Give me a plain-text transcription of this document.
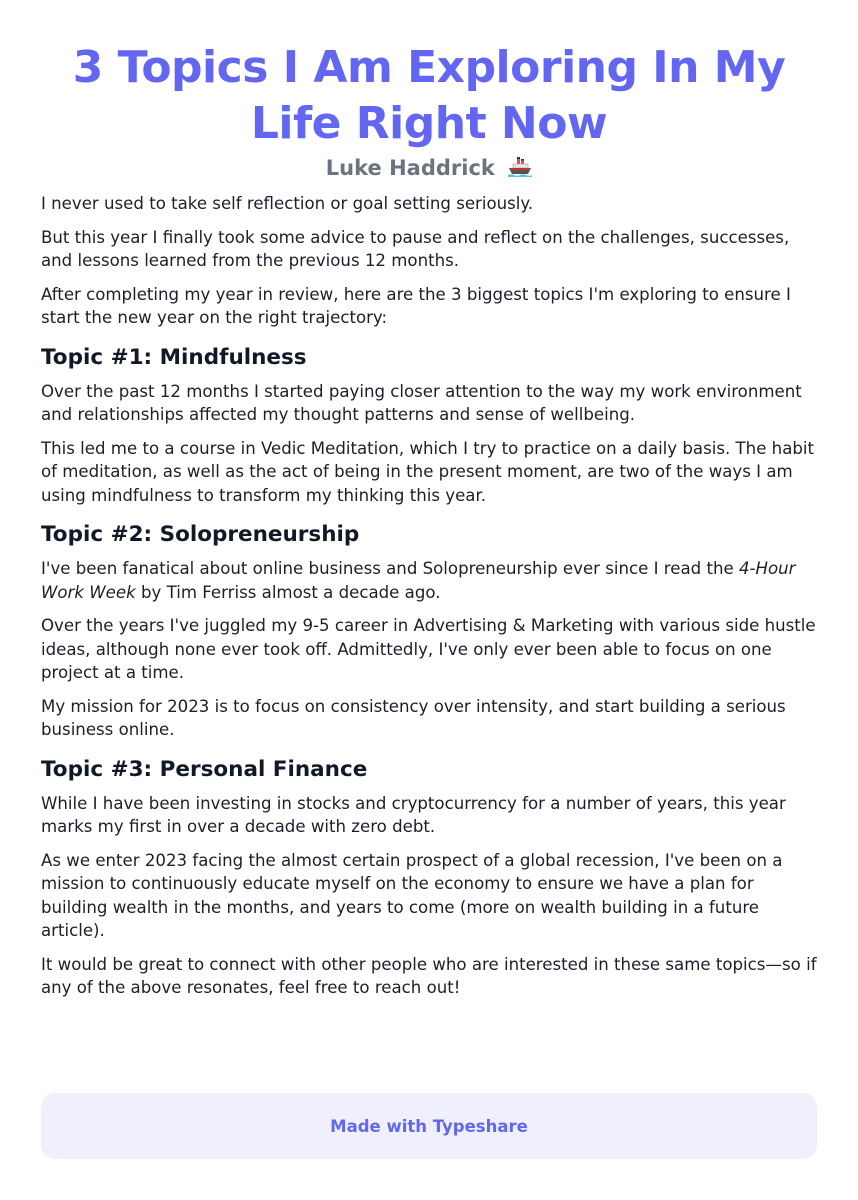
3 Topics I Am Exploring In My Life Right Now
Luke Haddrick

I never used to take self reflection or goal setting seriously.

But this year I finally took some advice to pause and reflect on the challenges, successes, and lessons learned from the previous 12 months.

After completing my year in review, here are the 3 biggest topics I'm exploring to ensure I start the new year on the right trajectory:

Topic #1: Mindfulness

Over the past 12 months I started paying closer attention to the way my work environment and relationships affected my thought patterns and sense of wellbeing.

This led me to a course in Vedic Meditation, which I try to practice on a daily basis. The habit of meditation, as well as the act of being in the present moment, are two of the ways I am using mindfulness to transform my thinking this year.

Topic #2: Solopreneurship

I've been fanatical about online business and Solopreneurship ever since I read the 4-Hour Work Week by Tim Ferriss almost a decade ago.

Over the years I've juggled my 9-5 career in Advertising & Marketing with various side hustle ideas, although none ever took off. Admittedly, I've only ever been able to focus on one project at a time.

My mission for 2023 is to focus on consistency over intensity, and start building a serious business online.

Topic #3: Personal Finance

While I have been investing in stocks and cryptocurrency for a number of years, this year marks my first in over a decade with zero debt.

As we enter 2023 facing the almost certain prospect of a global recession, I've been on a mission to continuously educate myself on the economy to ensure we have a plan for building wealth in the months, and years to come (more on wealth building in a future article).

It would be great to connect with other people who are interested in these same topics—so if any of the above resonates, feel free to reach out!

Made with Typeshare
